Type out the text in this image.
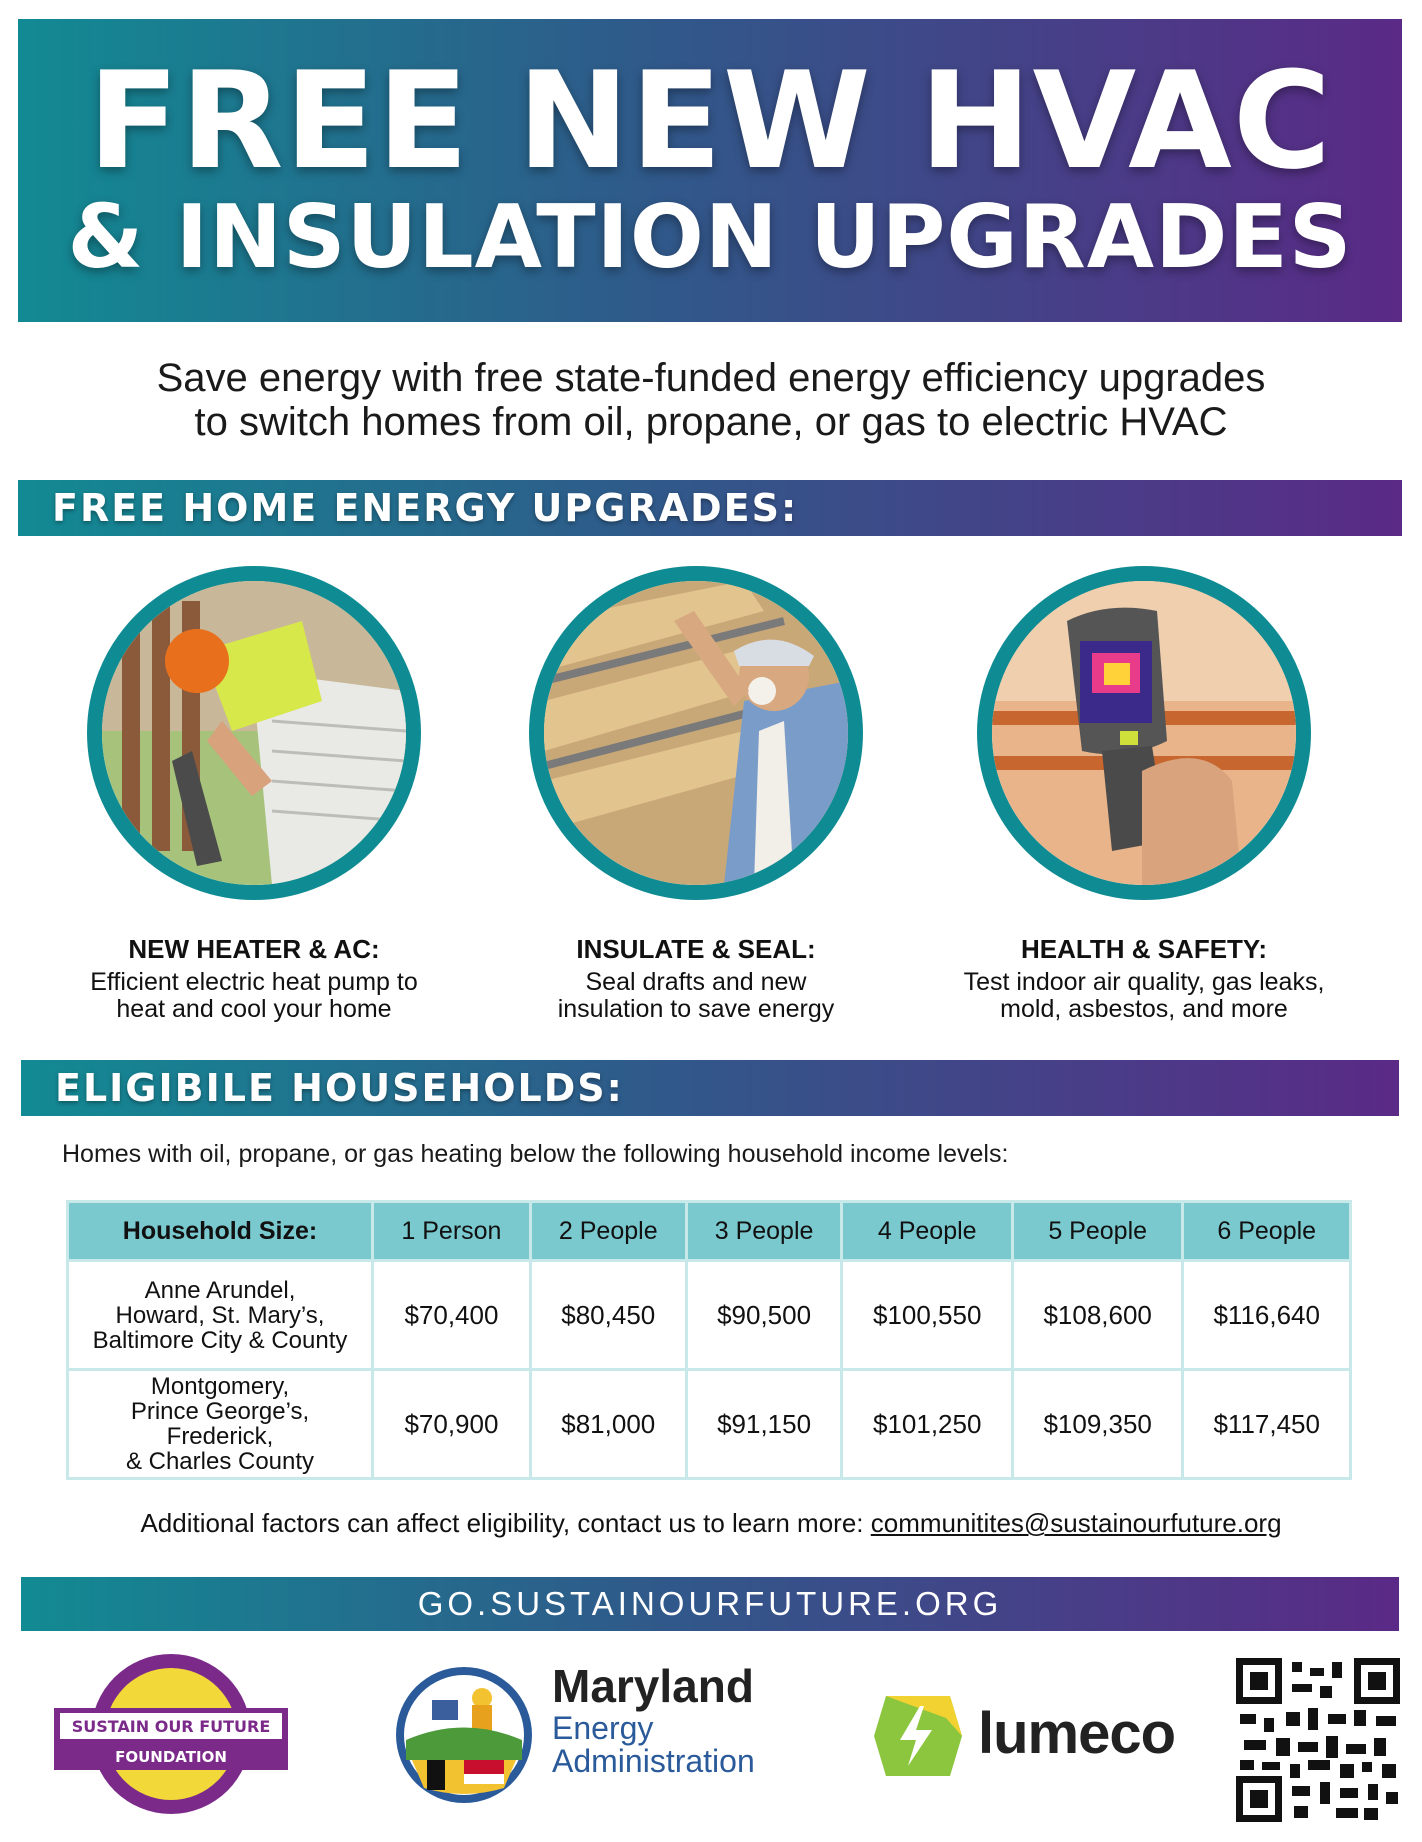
FREE NEW HVAC
& INSULATION UPGRADES
Save energy with free state-funded energy efficiency upgrades
to switch homes from oil, propane, or gas to electric HVAC
FREE HOME ENERGY UPGRADES:
NEW HEATER & AC:
Efficient electric heat pump to
heat and cool your home
INSULATE & SEAL:
Seal drafts and new
insulation to save energy
HEALTH & SAFETY:
Test indoor air quality, gas leaks,
mold, asbestos, and more
ELIGIBILE HOUSEHOLDS:
Homes with oil, propane, or gas heating below the following household income levels:
Household Size:	1 Person	2 People	3 People	4 People	5 People	6 People
Anne Arundel,
Howard, St. Mary’s,
Baltimore City & County	$70,400	$80,450	$90,500	$100,550	$108,600	$116,640
Montgomery,
Prince George’s,
Frederick,
& Charles County	$70,900	$81,000	$91,150	$101,250	$109,350	$117,450
Additional factors can affect eligibility, contact us to learn more: communitites@sustainourfuture.org
GO.SUSTAINOURFUTURE.ORG
SUSTAIN OUR FUTURE
FOUNDATION
Maryland
Energy
Administration	lumeco
